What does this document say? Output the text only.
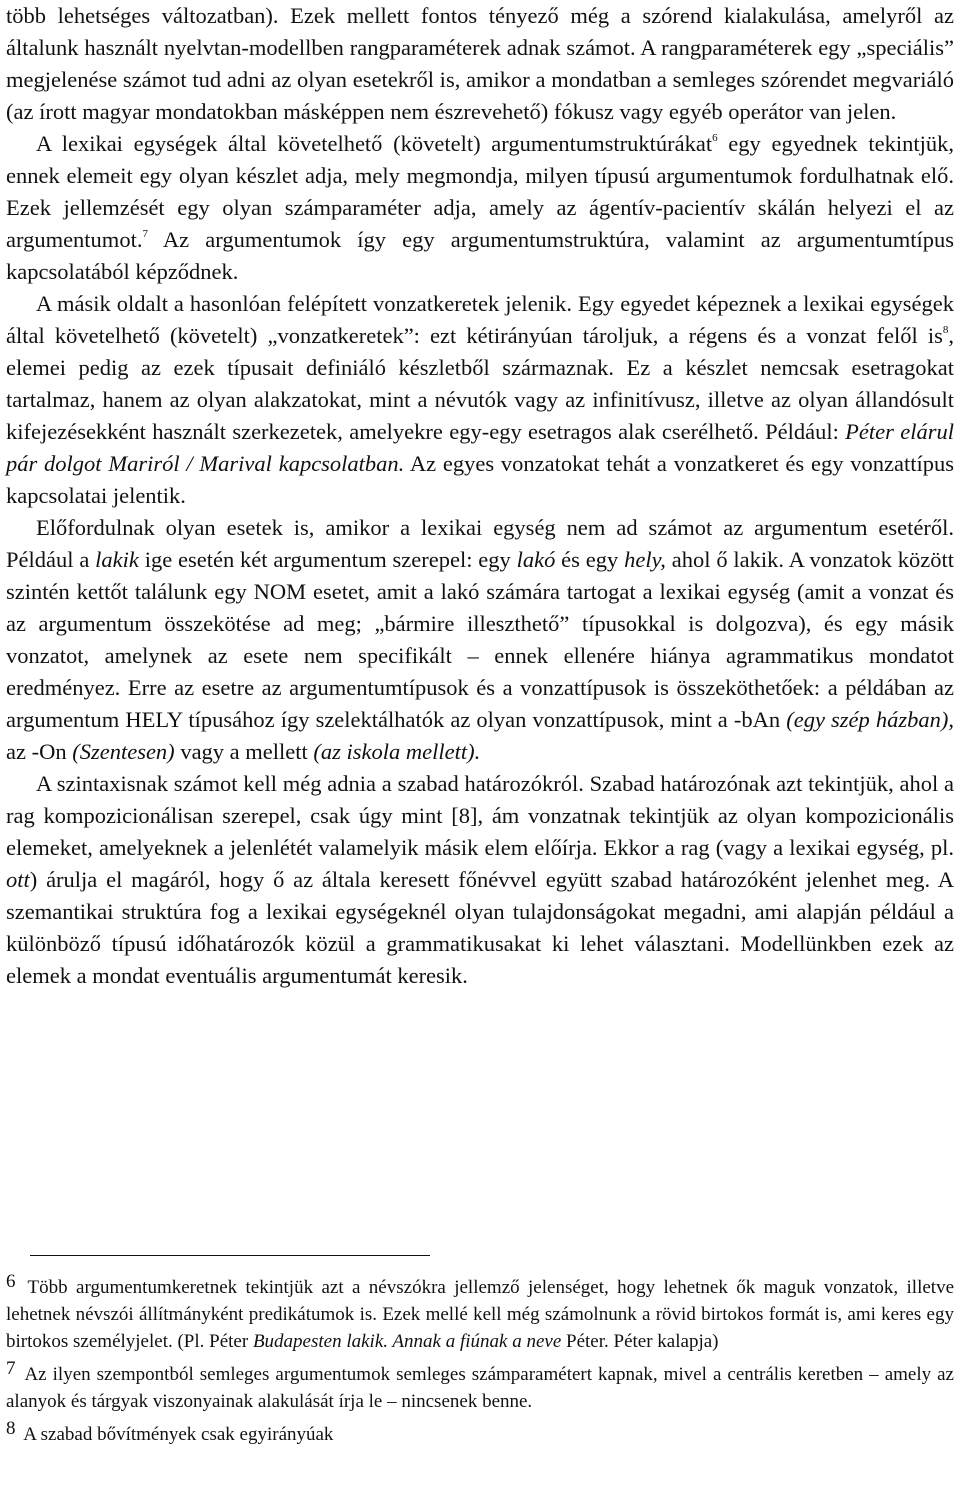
több lehetséges változatban). Ezek mellett fontos tényező még a szórend kialakulása, amelyről az általunk használt nyelvtan-modellben rangparaméterek adnak számot. A rangparaméterek egy „speciális” megjelenése számot tud adni az olyan esetekről is, amikor a mondatban a semleges szórendet megvariáló (az írott magyar mondatokban másképpen nem észrevehető) fókusz vagy egyéb operátor van jelen.

A lexikai egységek által követelhető (követelt) argumentumstruktúrákat$^6$ egy egyednek tekintjük, ennek elemeit egy olyan készlet adja, mely megmondja, milyen típusú argumentumok fordulhatnak elő. Ezek jellemzését egy olyan számparaméter adja, amely az ágentív-pacientív skálán helyezi el az argumentumot.$^7$ Az argumentumok így egy argumentumstruktúra, valamint az argumentumtípus kapcsolatából képződnek.

A másik oldalt a hasonlóan felépített vonzatkeretek jelenik. Egy egyedet képeznek a lexikai egységek által követelhető (követelt) „vonzatkeretek”: ezt kétirányúan tároljuk, a régens és a vonzat felől $is^8$, elemei pedig az ezek típusait definiáló készletből származnak. Ez a készlet nemcsak esetragokat tartalmaz, hanem az olyan alakzatokat, mint a névutók vagy az infinitívusz, illetve az olyan állandósult kifejezésekként használt szerkezetek, amelyekre egy-egy esetragos alak cserélhető. Például: Péter elárul pár dolgot Mariról / Marival kapcsolatban. Az egyes vonzatokat tehát a vonzatkeret és egy vonzattípus kapcsolatai jelentik.

Előfordulnak olyan esetek is, amikor a lexikai egység nem ad számot az argumentum esetéről. Például a lakik ige esetén két argumentum szerepel: egy lakó és egy hely, ahol ő lakik. A vonzatok között szintén kettőt találunk egy NOM esetet, amit a lakó számára tartogat a lexikai egység (amit a vonzat és az argumentum összekötése ad meg; „bármire illeszthető” típusokkal is dolgozva), és egy másik vonzatot, amelynek az esete nem specifikált – ennek ellenére hiánya agrammatikus mondatot eredményez. Erre az esetre az argumentumtípusok és a vonzattípusok is összeköthetőek: a példában az argumentum HELY típusához így szelektálhatók az olyan vonzattípusok, mint a -bAn (egy szép házban), az -On (Szentesen) vagy a mellett (az iskola mellett).

A szintaxisnak számot kell még adnia a szabad határozókról. Szabad határozónak azt tekintjük, ahol a rag kompozicionálisan szerepel, csak úgy mint [8], ám vonzatnak tekintjük az olyan kompozicionális elemeket, amelyeknek a jelenlétét valamelyik másik elem előírja. Ekkor a rag (vagy a lexikai egység, pl. ott) árulja el magáról, hogy ő az általa keresett főnévvel együtt szabad határozóként jelenhet meg. A szemantikai struktúra fog a lexikai egységeknél olyan tulajdonságokat megadni, ami alapján például a különböző típusú időhatározók közül a grammatikusakat ki lehet választani. Modellünkben ezek az elemek a mondat eventuális argumentumát keresik.

6 Több argumentumkeretnek tekintjük azt a névszókra jellemző jelenséget, hogy lehetnek ők maguk vonzatok, illetve lehetnek névszói állítmányként predikátumok is. Ezek mellé kell még számolnunk a rövid birtokos formát is, ami keres egy birtokos személyjelet. (Pl. Péter Budapesten lakik. Annak a fiúnak a neve Péter. Péter kalapja)

7 Az ilyen szempontból semleges argumentumok semleges számparamétert kapnak, mivel a centrális keretben – amely az alanyok és tárgyak viszonyainak alakulását írja le – nincsenek benne.

8 A szabad bővítmények csak egyirányúak
